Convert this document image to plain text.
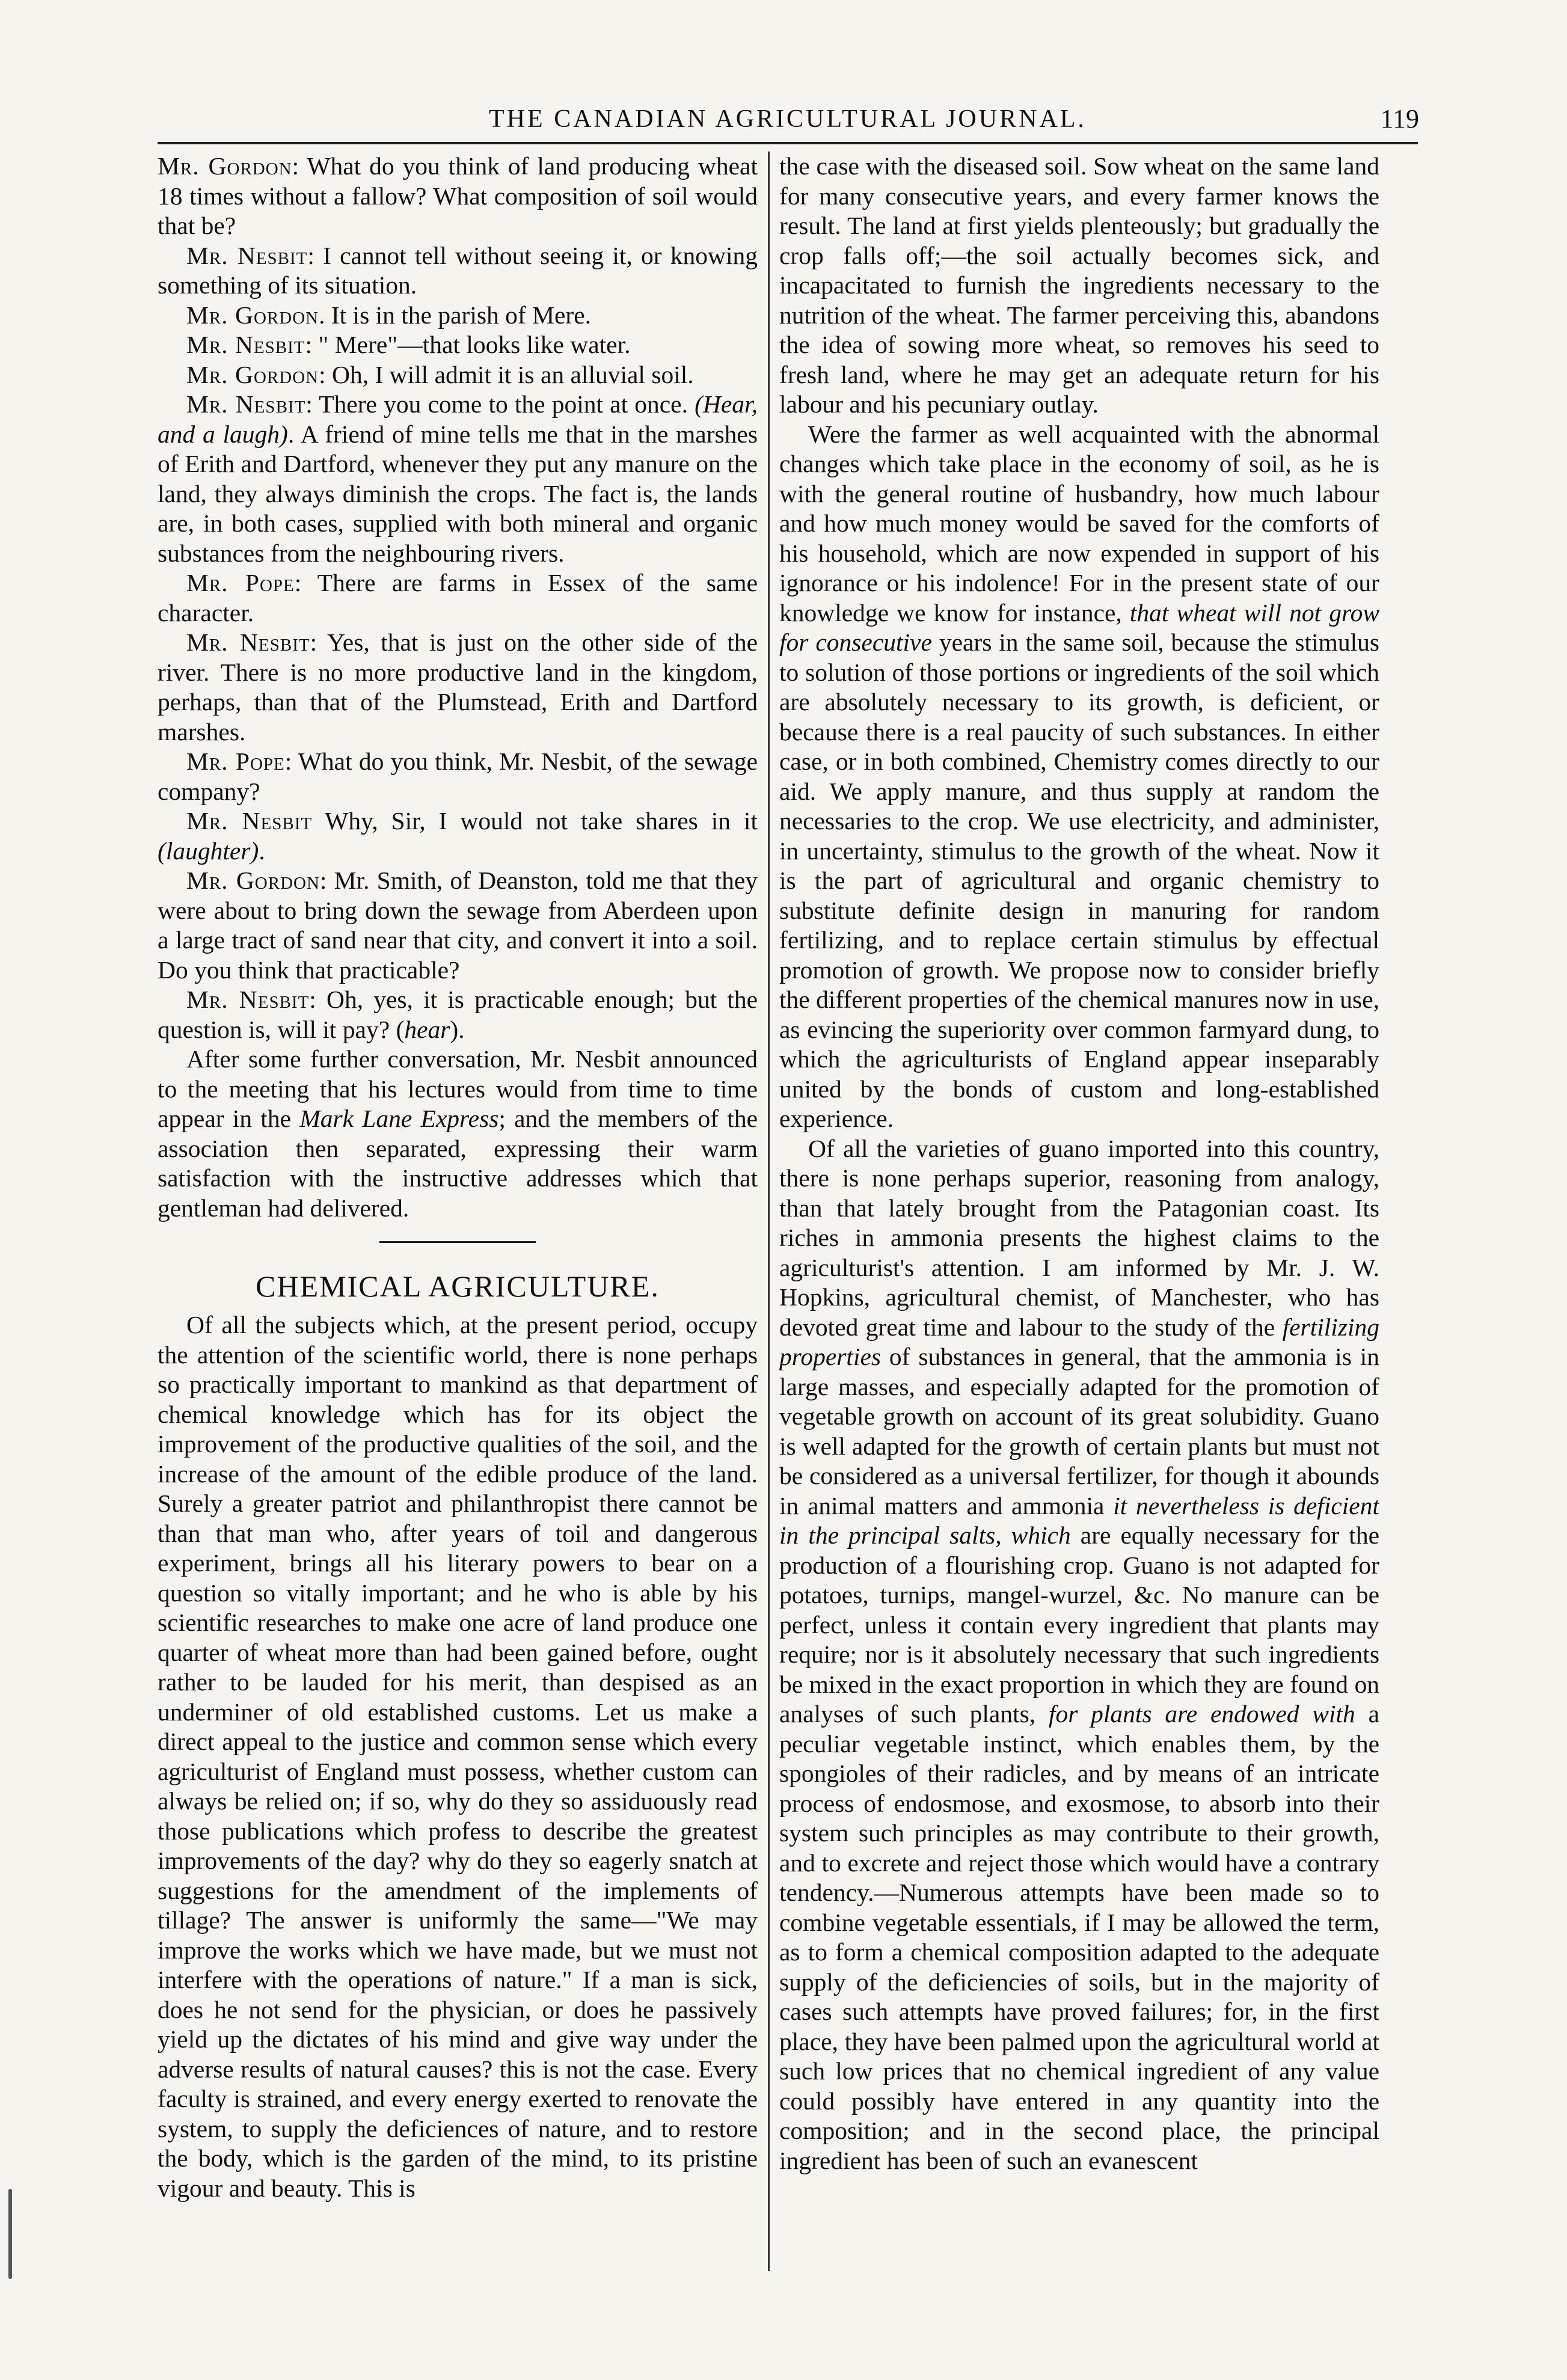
THE CANADIAN AGRICULTURAL JOURNAL.	119

Mr. Gordon: What do you think of land producing wheat 18 times without a fallow? What composition of soil would that be?

Mr. Nesbit: I cannot tell without seeing it, or knowing something of its situation.

Mr. Gordon. It is in the parish of Mere.

Mr. Nesbit: " Mere"—that looks like water.

Mr. Gordon: Oh, I will admit it is an alluvial soil.

Mr. Nesbit: There you come to the point at once. (Hear, and a laugh). A friend of mine tells me that in the marshes of Erith and Dartford, whenever they put any manure on the land, they always diminish the crops. The fact is, the lands are, in both cases, supplied with both mineral and organic substances from the neighbouring rivers.

Mr. Pope: There are farms in Essex of the same character.

Mr. Nesbit: Yes, that is just on the other side of the river. There is no more productive land in the kingdom, perhaps, than that of the Plumstead, Erith and Dartford marshes.

Mr. Pope: What do you think, Mr. Nesbit, of the sewage company?

Mr. Nesbit Why, Sir, I would not take shares in it (laughter).

Mr. Gordon: Mr. Smith, of Deanston, told me that they were about to bring down the sewage from Aberdeen upon a large tract of sand near that city, and convert it into a soil. Do you think that practicable?

Mr. Nesbit: Oh, yes, it is practicable enough; but the question is, will it pay? (hear).

After some further conversation, Mr. Nesbit announced to the meeting that his lectures would from time to time appear in the Mark Lane Express; and the members of the association then separated, expressing their warm satisfaction with the instructive addresses which that gentleman had delivered.

CHEMICAL AGRICULTURE.

Of all the subjects which, at the present period, occupy the attention of the scientific world, there is none perhaps so practically important to mankind as that department of chemical knowledge which has for its object the improvement of the productive qualities of the soil, and the increase of the amount of the edible produce of the land. Surely a greater patriot and philanthropist there cannot be than that man who, after years of toil and dangerous experiment, brings all his literary powers to bear on a question so vitally important; and he who is able by his scientific researches to make one acre of land produce one quarter of wheat more than had been gained before, ought rather to be lauded for his merit, than despised as an underminer of old established customs. Let us make a direct appeal to the justice and common sense which every agriculturist of England must possess, whether custom can always be relied on; if so, why do they so assiduously read those publications which profess to describe the greatest improvements of the day? why do they so eagerly snatch at suggestions for the amendment of the implements of tillage? The answer is uniformly the same—"We may improve the works which we have made, but we must not interfere with the operations of nature." If a man is sick, does he not send for the physician, or does he passively yield up the dictates of his mind and give way under the adverse results of natural causes? this is not the case. Every faculty is strained, and every energy exerted to renovate the system, to supply the deficiences of nature, and to restore the body, which is the garden of the mind, to its pristine vigour and beauty. This is

the case with the diseased soil. Sow wheat on the same land for many consecutive years, and every farmer knows the result. The land at first yields plenteously; but gradually the crop falls off;—the soil actually becomes sick, and incapacitated to furnish the ingredients necessary to the nutrition of the wheat. The farmer perceiving this, abandons the idea of sowing more wheat, so removes his seed to fresh land, where he may get an adequate return for his labour and his pecuniary outlay.

Were the farmer as well acquainted with the abnormal changes which take place in the economy of soil, as he is with the general routine of husbandry, how much labour and how much money would be saved for the comforts of his household, which are now expended in support of his ignorance or his indolence! For in the present state of our knowledge we know for instance, that wheat will not grow for consecutive years in the same soil, because the stimulus to solution of those portions or ingredients of the soil which are absolutely necessary to its growth, is deficient, or because there is a real paucity of such substances. In either case, or in both combined, Chemistry comes directly to our aid. We apply manure, and thus supply at random the necessaries to the crop. We use electricity, and administer, in uncertainty, stimulus to the growth of the wheat. Now it is the part of agricultural and organic chemistry to substitute definite design in manuring for random fertilizing, and to replace certain stimulus by effectual promotion of growth. We propose now to consider briefly the different properties of the chemical manures now in use, as evincing the superiority over common farmyard dung, to which the agriculturists of England appear inseparably united by the bonds of custom and long-established experience.

Of all the varieties of guano imported into this country, there is none perhaps superior, reasoning from analogy, than that lately brought from the Patagonian coast. Its riches in ammonia presents the highest claims to the agriculturist's attention. I am informed by Mr. J. W. Hopkins, agricultural chemist, of Manchester, who has devoted great time and labour to the study of the fertilizing properties of substances in general, that the ammonia is in large masses, and especially adapted for the promotion of vegetable growth on account of its great solubidity. Guano is well adapted for the growth of certain plants but must not be considered as a universal fertilizer, for though it abounds in animal matters and ammonia it nevertheless is deficient in the principal salts, which are equally necessary for the production of a flourishing crop. Guano is not adapted for potatoes, turnips, mangel-wurzel, &c. No manure can be perfect, unless it contain every ingredient that plants may require; nor is it absolutely necessary that such ingredients be mixed in the exact proportion in which they are found on analyses of such plants, for plants are endowed with a peculiar vegetable instinct, which enables them, by the spongioles of their radicles, and by means of an intricate process of endosmose, and exosmose, to absorb into their system such principles as may contribute to their growth, and to excrete and reject those which would have a contrary tendency.—Numerous attempts have been made so to combine vegetable essentials, if I may be allowed the term, as to form a chemical composition adapted to the adequate supply of the deficiencies of soils, but in the majority of cases such attempts have proved failures; for, in the first place, they have been palmed upon the agricultural world at such low prices that no chemical ingredient of any value could possibly have entered in any quantity into the composition; and in the second place, the principal ingredient has been of such an evanescent
